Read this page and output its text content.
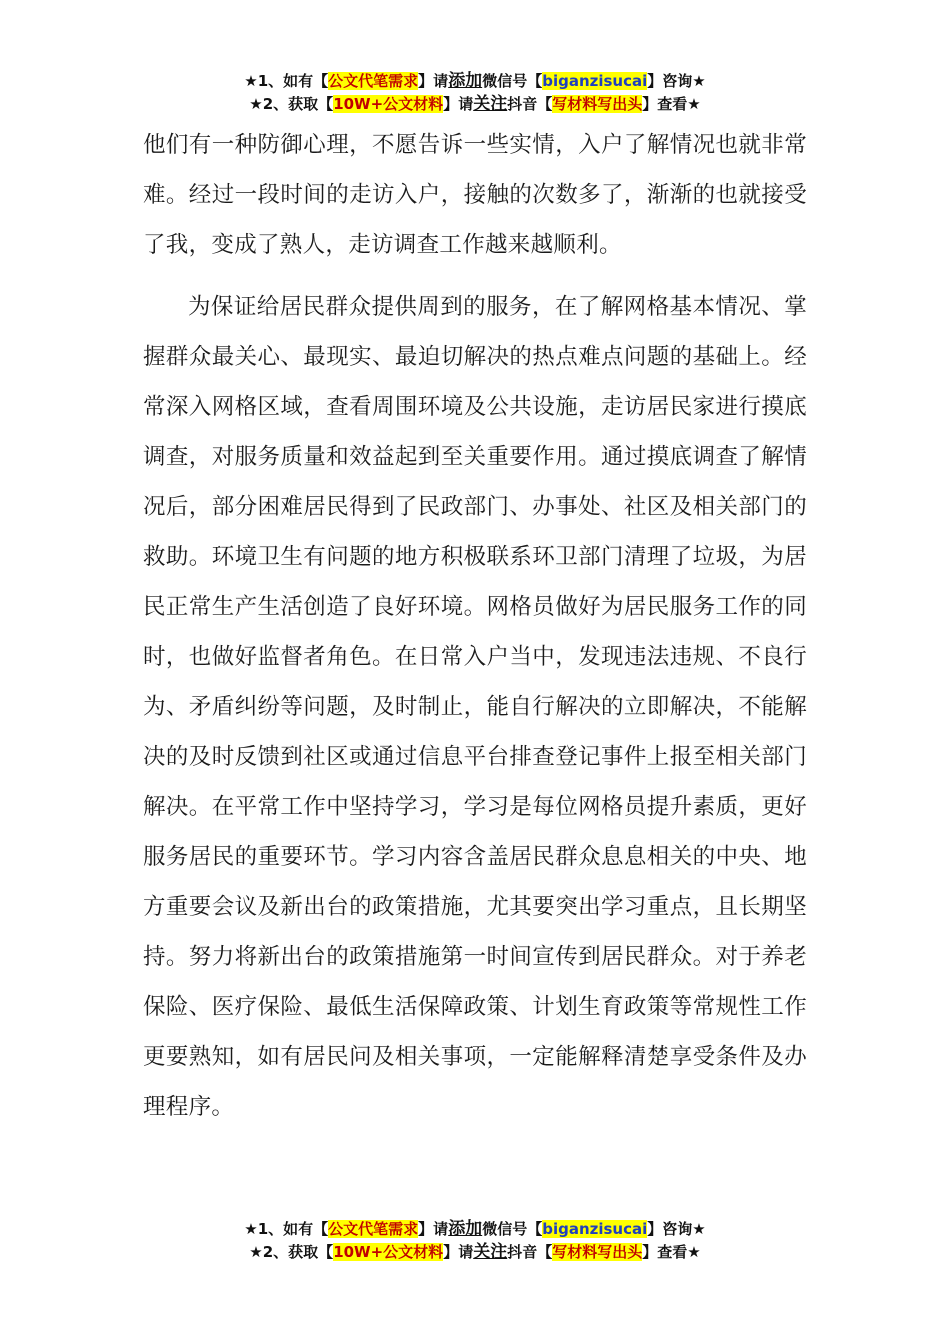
★1、如有【公文代笔需求】请添加微信号【biganzisucai】咨询★
★2、获取【10W+公文材料】请关注抖音【写材料写出头】查看★

他们有一种防御心理，不愿告诉一些实情，入户了解情况也就非常难。经过一段时间的走访入户，接触的次数多了，渐渐的也就接受了我，变成了熟人，走访调查工作越来越顺利。

为保证给居民群众提供周到的服务，在了解网格基本情况、掌握群众最关心、最现实、最迫切解决的热点难点问题的基础上。经常深入网格区域，查看周围环境及公共设施，走访居民家进行摸底调查，对服务质量和效益起到至关重要作用。通过摸底调查了解情况后，部分困难居民得到了民政部门、办事处、社区及相关部门的救助。环境卫生有问题的地方积极联系环卫部门清理了垃圾，为居民正常生产生活创造了良好环境。网格员做好为居民服务工作的同时，也做好监督者角色。在日常入户当中，发现违法违规、不良行为、矛盾纠纷等问题，及时制止，能自行解决的立即解决，不能解决的及时反馈到社区或通过信息平台排查登记事件上报至相关部门解决。在平常工作中坚持学习，学习是每位网格员提升素质，更好服务居民的重要环节。学习内容含盖居民群众息息相关的中央、地方重要会议及新出台的政策措施，尤其要突出学习重点，且长期坚持。努力将新出台的政策措施第一时间宣传到居民群众。对于养老保险、医疗保险、最低生活保障政策、计划生育政策等常规性工作更要熟知，如有居民问及相关事项，一定能解释清楚享受条件及办理程序。

★1、如有【公文代笔需求】请添加微信号【biganzisucai】咨询★
★2、获取【10W+公文材料】请关注抖音【写材料写出头】查看★
